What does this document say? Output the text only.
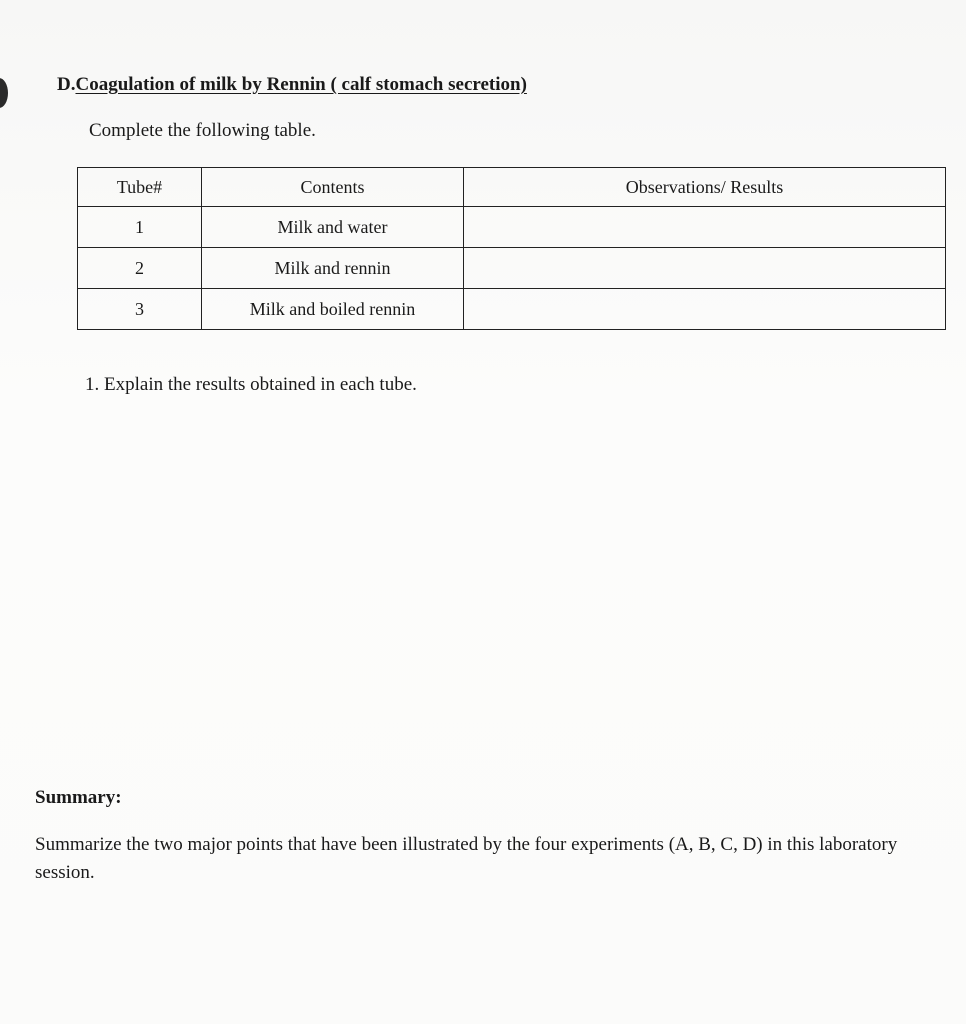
D.Coagulation of milk by Rennin ( calf stomach secretion)
Complete the following table.
Tube#	Contents	Observations/ Results
1	Milk and water	
2	Milk and rennin	
3	Milk and boiled rennin	
1. Explain the results obtained in each tube.
Summary:
Summarize the two major points that have been illustrated by the four experiments (A, B, C, D) in this laboratory session.
